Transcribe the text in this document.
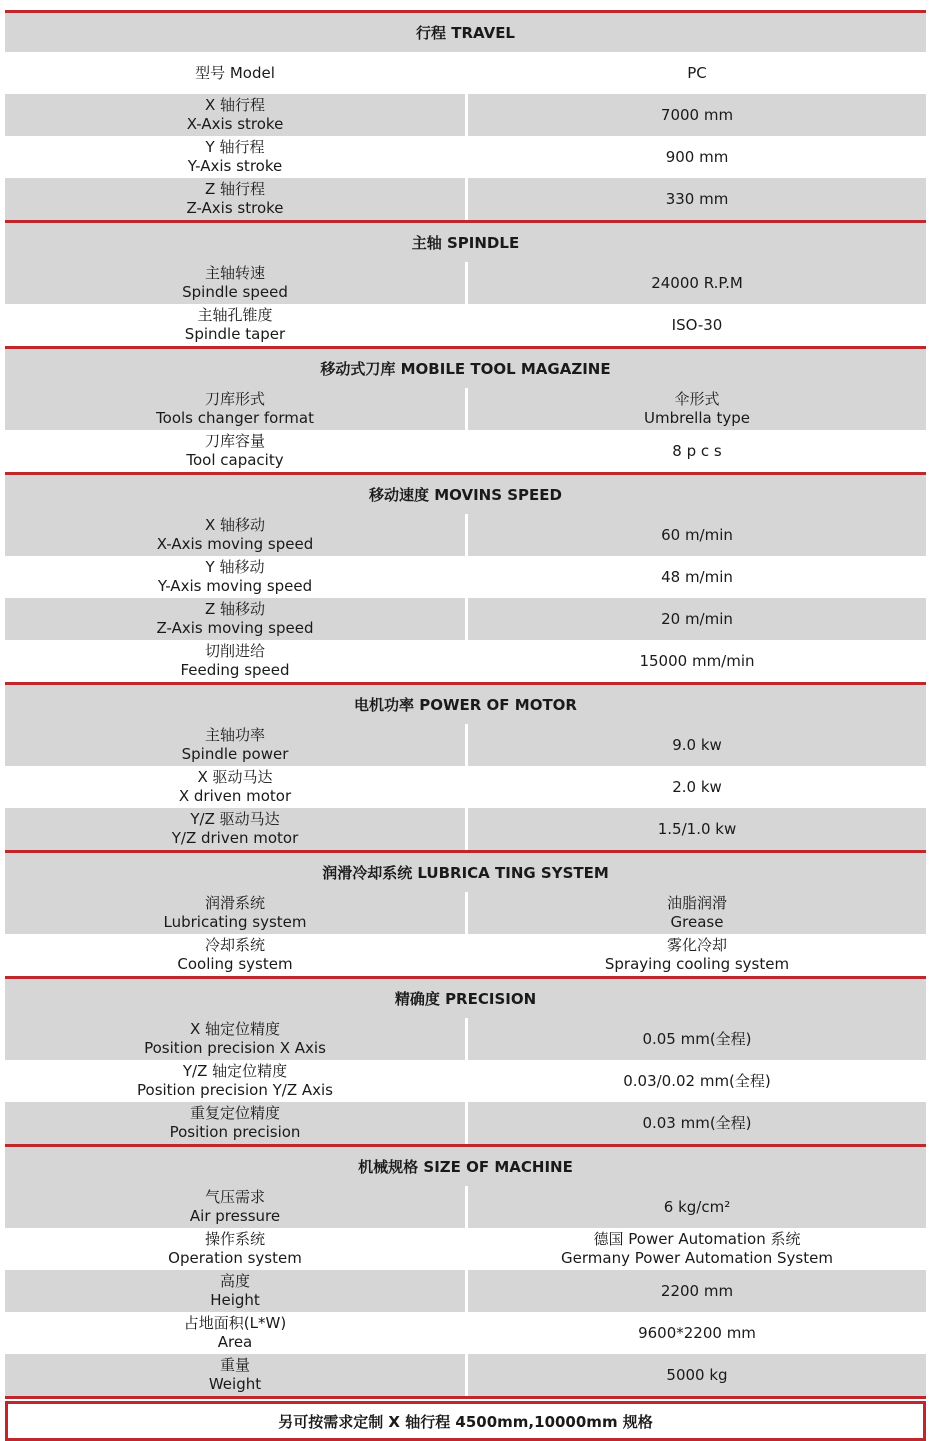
行程 TRAVEL
型号 Model	PC
X 轴行程
X-Axis stroke
7000 mm
Y 轴行程
Y-Axis stroke
900 mm
Z 轴行程
Z-Axis stroke
330 mm
主轴 SPINDLE
主轴转速
Spindle speed
24000 R.P.M
主轴孔锥度
Spindle taper
ISO-30
移动式刀库 MOBILE TOOL MAGAZINE
刀库形式
Tools changer format
伞形式
Umbrella type
刀库容量
Tool capacity
8 p c s
移动速度 MOVINS SPEED
X 轴移动
X-Axis moving speed
60 m/min
Y 轴移动
Y-Axis moving speed
48 m/min
Z 轴移动
Z-Axis moving speed
20 m/min
切削进给
Feeding speed
15000 mm/min
电机功率 POWER OF MOTOR
主轴功率
Spindle power
9.0 kw
X 驱动马达
X driven motor
2.0 kw
Y/Z 驱动马达
Y/Z driven motor
1.5/1.0 kw
润滑冷却系统 LUBRICA TING SYSTEM
润滑系统
Lubricating system
油脂润滑
Grease
冷却系统
Cooling system
雾化冷却
Spraying cooling system
精确度 PRECISION
X 轴定位精度
Position precision X Axis
0.05 mm(全程)
Y/Z 轴定位精度
Position precision Y/Z Axis
0.03/0.02 mm(全程)
重复定位精度
Position precision
0.03 mm(全程)
机械规格 SIZE OF MACHINE
气压需求
Air pressure
6 kg/cm²
操作系统
Operation system
德国 Power Automation 系统
Germany Power Automation System
高度
Height
2200 mm
占地面积(L*W)
Area
9600*2200 mm
重量
Weight
5000 kg
另可按需求定制 X 轴行程 4500mm,10000mm 规格
